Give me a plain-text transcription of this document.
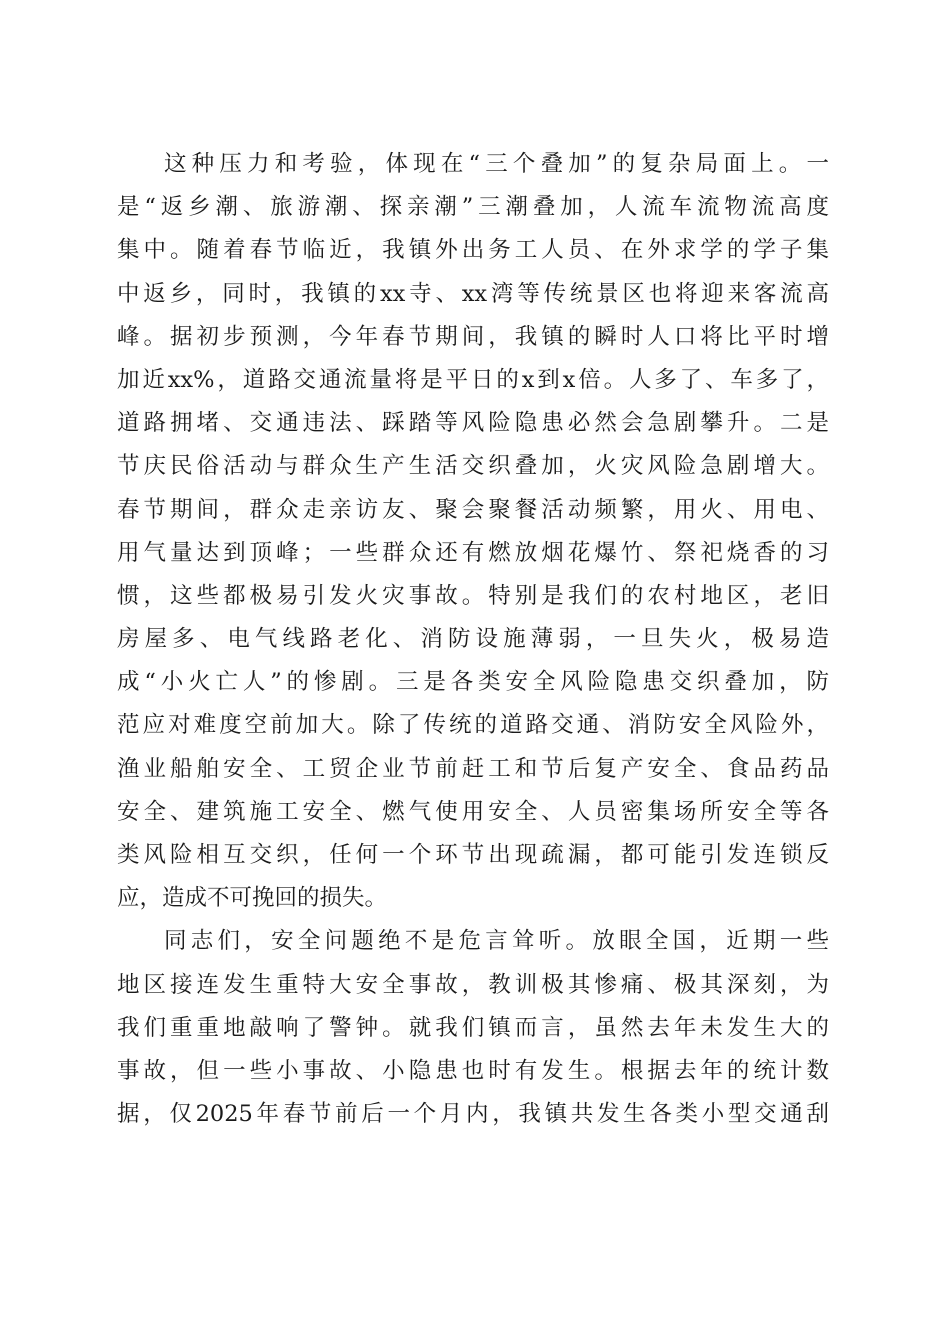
这种压力和考验，体现在“三个叠加”的复杂局面上。一
是“返乡潮、旅游潮、探亲潮”三潮叠加，人流车流物流高度
集中。随着春节临近，我镇外出务工人员、在外求学的学子集
中返乡，同时，我镇的xx寺、xx湾等传统景区也将迎来客流高
峰。据初步预测，今年春节期间，我镇的瞬时人口将比平时增
加近xx%，道路交通流量将是平日的x到x倍。人多了、车多了，
道路拥堵、交通违法、踩踏等风险隐患必然会急剧攀升。二是
节庆民俗活动与群众生产生活交织叠加，火灾风险急剧增大。
春节期间，群众走亲访友、聚会聚餐活动频繁，用火、用电、
用气量达到顶峰；一些群众还有燃放烟花爆竹、祭祀烧香的习
惯，这些都极易引发火灾事故。特别是我们的农村地区，老旧
房屋多、电气线路老化、消防设施薄弱，一旦失火，极易造
成“小火亡人”的惨剧。三是各类安全风险隐患交织叠加，防
范应对难度空前加大。除了传统的道路交通、消防安全风险外，
渔业船舶安全、工贸企业节前赶工和节后复产安全、食品药品
安全、建筑施工安全、燃气使用安全、人员密集场所安全等各
类风险相互交织，任何一个环节出现疏漏，都可能引发连锁反
应，造成不可挽回的损失。
同志们，安全问题绝不是危言耸听。放眼全国，近期一些
地区接连发生重特大安全事故，教训极其惨痛、极其深刻，为
我们重重地敲响了警钟。就我们镇而言，虽然去年未发生大的
事故，但一些小事故、小隐患也时有发生。根据去年的统计数
据，仅2025年春节前后一个月内，我镇共发生各类小型交通刮
